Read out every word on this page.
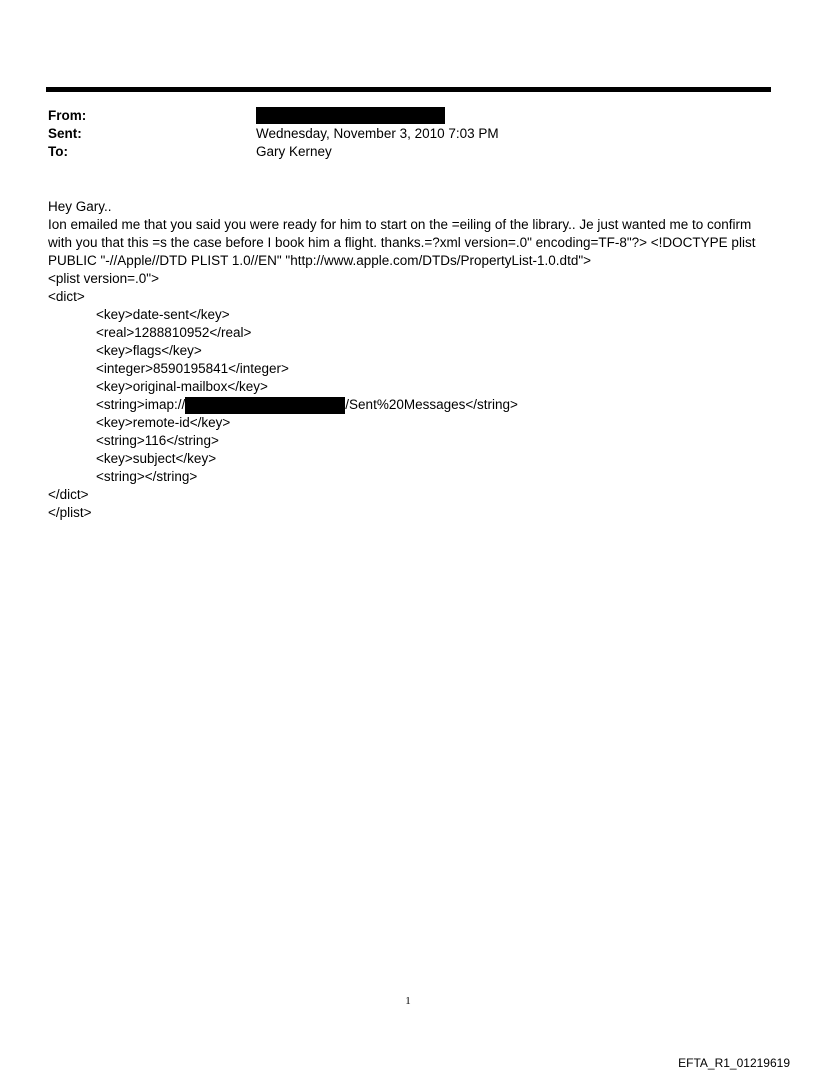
From:
Sent:	Wednesday, November 3, 2010 7:03 PM
To:	Gary Kerney
Hey Gary..
Ion emailed me that you said you were ready for him to start on the =eiling of the library.. Je just wanted me to confirm
with you that this =s the case before I book him a flight. thanks.=?xml version=.0" encoding=TF-8"?> <!DOCTYPE plist
PUBLIC "-//Apple//DTD PLIST 1.0//EN" "http://www.apple.com/DTDs/PropertyList-1.0.dtd">
<plist version=.0">
<dict>
<key>date-sent</key>
<real>1288810952</real>
<key>flags</key>
<integer>8590195841</integer>
<key>original-mailbox</key>
<string>imap://	/Sent%20Messages</string>
<key>remote-id</key>
<string>116</string>
<key>subject</key>
<string></string>
</dict>
</plist>
1
EFTA_R1_01219619
